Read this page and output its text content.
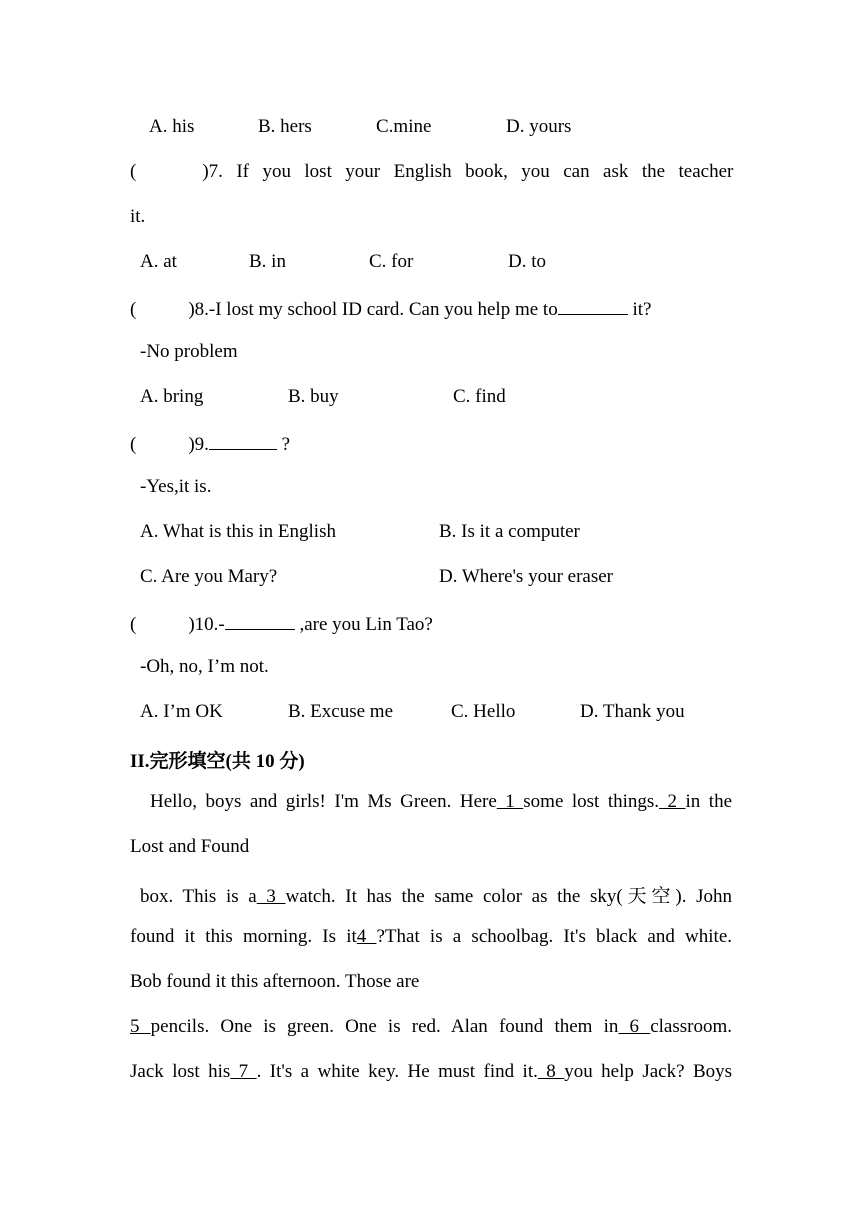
A. his	B. hers	C.mine	D. yours
(	)7. If you lost your English book, you can ask the teacher
it.
A. at	B. in	C. for	D. to
(	)8.-I lost my school ID card. Can you help me to	it?
-No problem
A. bring	B. buy	C. find
(	)9.	?
-Yes,it is.
A. What is this in English	B. Is it a computer
C. Are you Mary?	D. Where's your eraser
(	)10.-	,are you Lin Tao?
-Oh, no, I’m not.
A. I’m OK	B. Excuse me	C. Hello	D. Thank you
II.完形填空(共 10 分)
Hello, boys and girls! I'm Ms Green. Here 1 some lost things. 2 in the
Lost and Found
box. This is a 3 watch. It has the same color as the sky(天空). John
found it this morning. Is it4 ?That is a schoolbag. It's black and white.
Bob found it this afternoon. Those are
5 pencils. One is green. One is red. Alan found them in 6 classroom.
Jack lost his 7 . It's a white key. He must find it. 8 you help Jack? Boys
